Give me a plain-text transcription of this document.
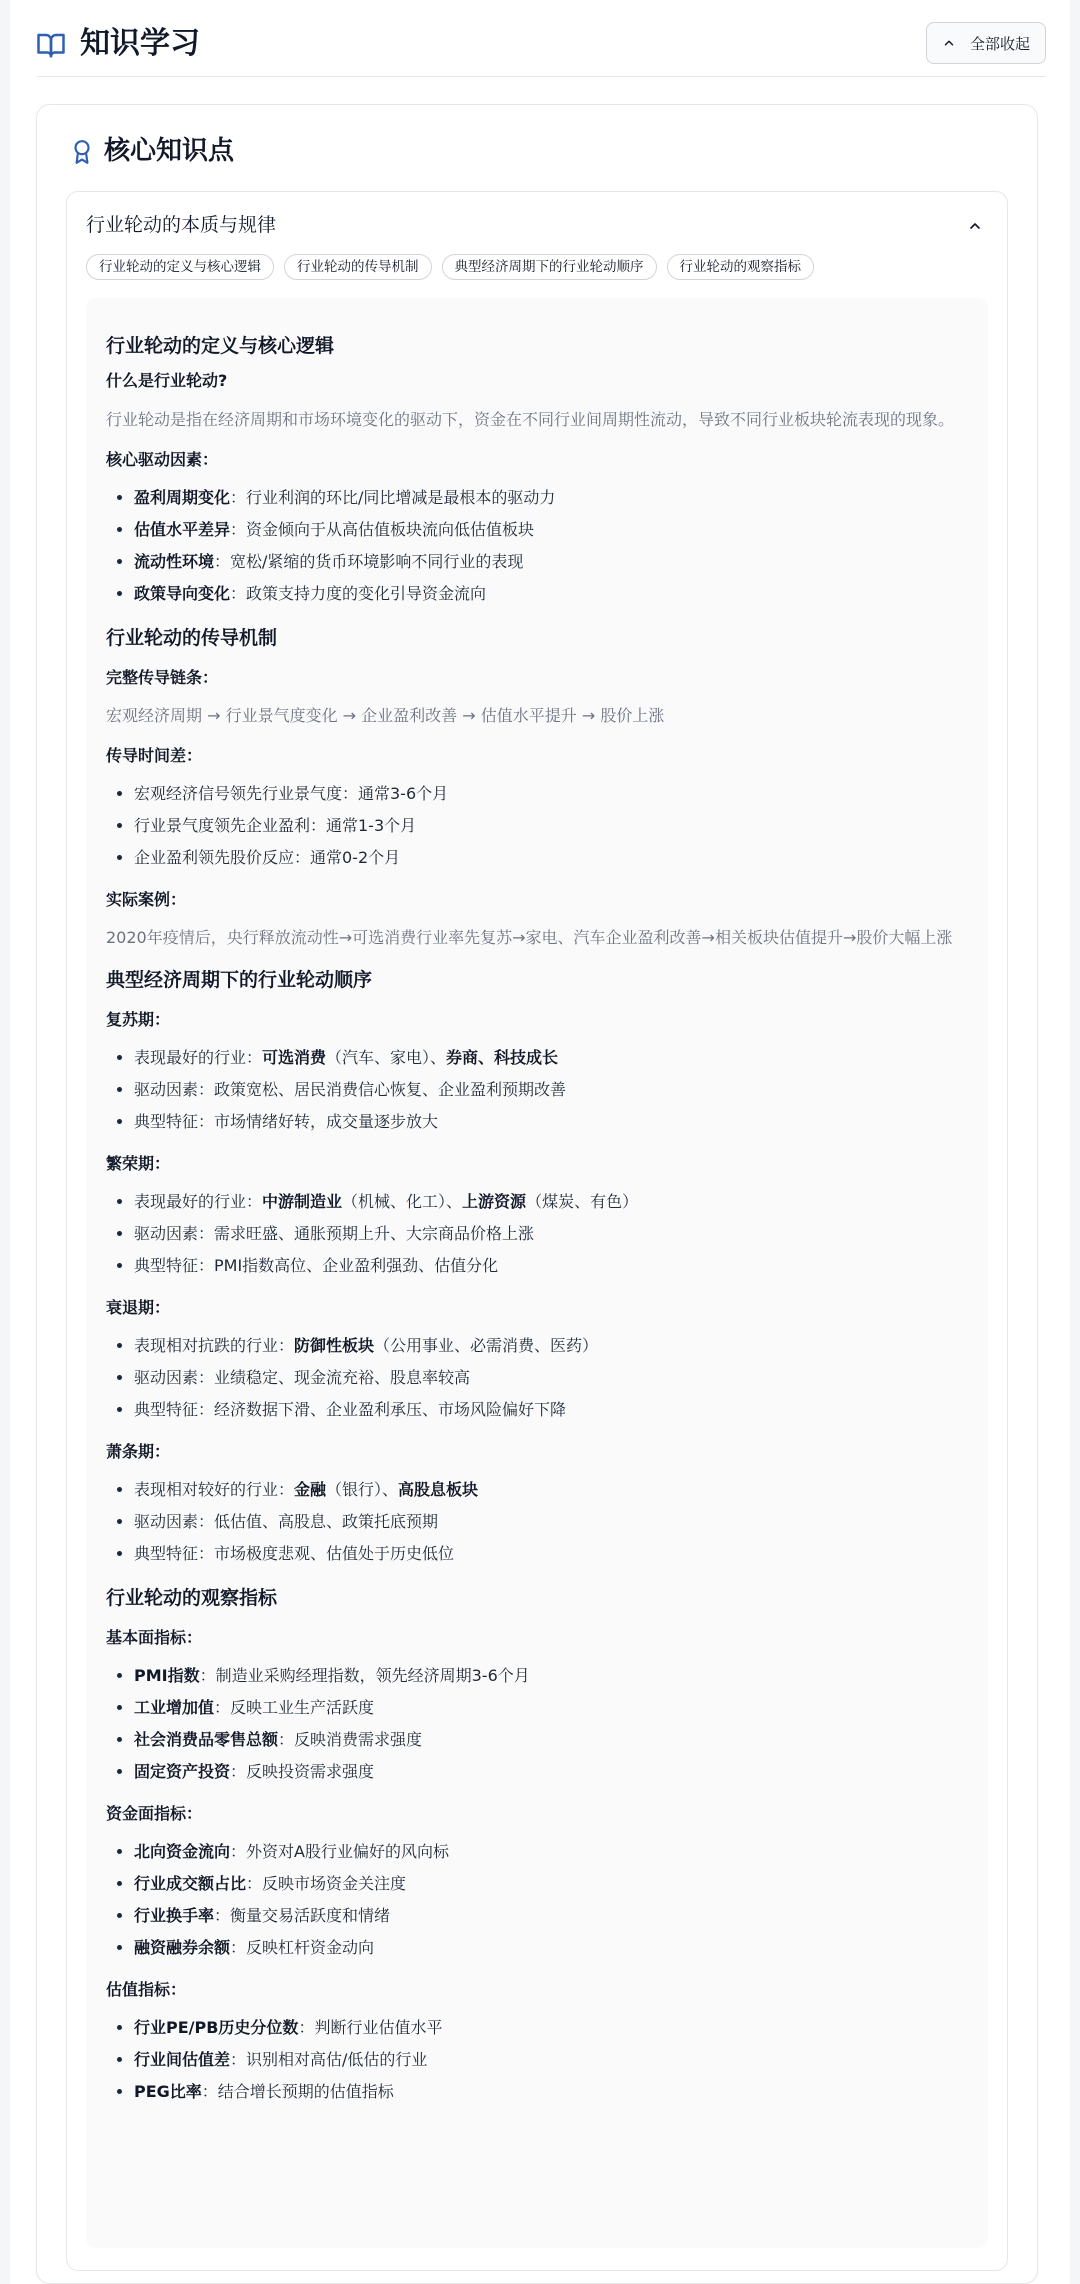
知识学习	全部收起
核心知识点
行业轮动的本质与规律
行业轮动的定义与核心逻辑	行业轮动的传导机制	典型经济周期下的行业轮动顺序	行业轮动的观察指标
行业轮动的定义与核心逻辑
什么是行业轮动?
行业轮动是指在经济周期和市场环境变化的驱动下，资金在不同行业间周期性流动，导致不同行业板块轮流表现的现象。
核心驱动因素：
• 盈利周期变化：行业利润的环比/同比增减是最根本的驱动力
• 估值水平差异：资金倾向于从高估值板块流向低估值板块
• 流动性环境：宽松/紧缩的货币环境影响不同行业的表现
• 政策导向变化：政策支持力度的变化引导资金流向
行业轮动的传导机制
完整传导链条：
宏观经济周期 → 行业景气度变化 → 企业盈利改善 → 估值水平提升 → 股价上涨
传导时间差：
• 宏观经济信号领先行业景气度：通常3-6个月
• 行业景气度领先企业盈利：通常1-3个月
• 企业盈利领先股价反应：通常0-2个月
实际案例：
2020年疫情后，央行释放流动性→可选消费行业率先复苏→家电、汽车企业盈利改善→相关板块估值提升→股价大幅上涨
典型经济周期下的行业轮动顺序
复苏期：
• 表现最好的行业：可选消费（汽车、家电）、券商、科技成长
• 驱动因素：政策宽松、居民消费信心恢复、企业盈利预期改善
• 典型特征：市场情绪好转，成交量逐步放大
繁荣期：
• 表现最好的行业：中游制造业（机械、化工）、上游资源（煤炭、有色）
• 驱动因素：需求旺盛、通胀预期上升、大宗商品价格上涨
• 典型特征：PMI指数高位、企业盈利强劲、估值分化
衰退期：
• 表现相对抗跌的行业：防御性板块（公用事业、必需消费、医药）
• 驱动因素：业绩稳定、现金流充裕、股息率较高
• 典型特征：经济数据下滑、企业盈利承压、市场风险偏好下降
萧条期：
• 表现相对较好的行业：金融（银行）、高股息板块
• 驱动因素：低估值、高股息、政策托底预期
• 典型特征：市场极度悲观、估值处于历史低位
行业轮动的观察指标
基本面指标：
• PMI指数：制造业采购经理指数，领先经济周期3-6个月
• 工业增加值：反映工业生产活跃度
• 社会消费品零售总额：反映消费需求强度
• 固定资产投资：反映投资需求强度
资金面指标：
• 北向资金流向：外资对A股行业偏好的风向标
• 行业成交额占比：反映市场资金关注度
• 行业换手率：衡量交易活跃度和情绪
• 融资融券余额：反映杠杆资金动向
估值指标：
• 行业PE/PB历史分位数：判断行业估值水平
• 行业间估值差：识别相对高估/低估的行业
• PEG比率：结合增长预期的估值指标
